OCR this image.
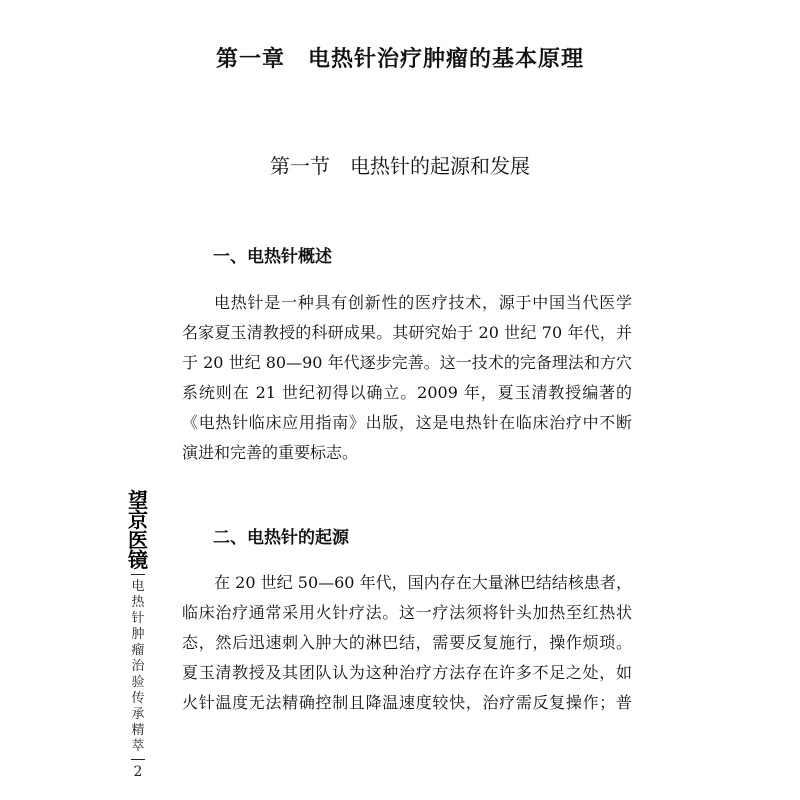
第一章　电热针治疗肿瘤的基本原理
第一节　电热针的起源和发展
一、电热针概述
电热针是一种具有创新性的医疗技术，源于中国当代医学
名家夏玉清教授的科研成果。其研究始于 20 世纪 70 年代，并
于 20 世纪 80—90 年代逐步完善。这一技术的完备理法和方穴
系统则在 21 世纪初得以确立。2009 年，夏玉清教授编著的
《电热针临床应用指南》出版，这是电热针在临床治疗中不断
演进和完善的重要标志。
二、电热针的起源
在 20 世纪 50—60 年代，国内存在大量淋巴结结核患者，
临床治疗通常采用火针疗法。这一疗法须将针头加热至红热状
态，然后迅速刺入肿大的淋巴结，需要反复施行，操作烦琐。
夏玉清教授及其团队认为这种治疗方法存在许多不足之处，如
火针温度无法精确控制且降温速度较快，治疗需反复操作；普
望
京
医
镜
电
热
针
肿
瘤
治
验
传
承
精
萃
2
